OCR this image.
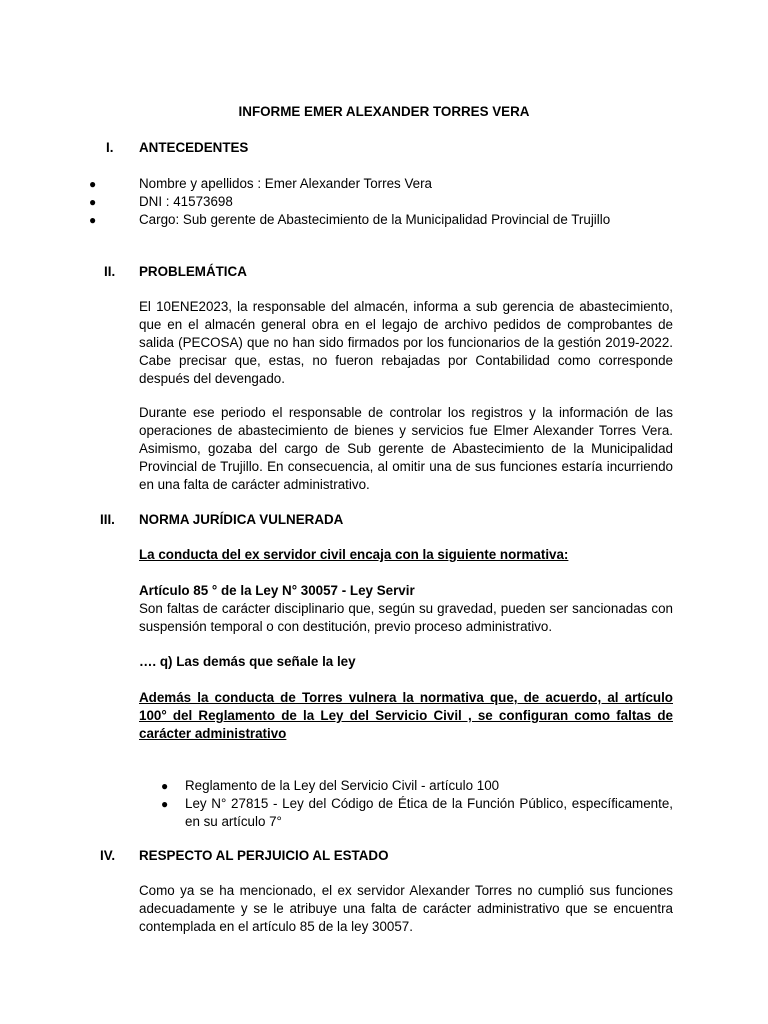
INFORME EMER ALEXANDER TORRES VERA
I.	ANTECEDENTES
●	Nombre y apellidos : Emer Alexander Torres Vera
●	DNI : 41573698
●	Cargo: Sub gerente de Abastecimiento de la Municipalidad Provincial de Trujillo
II.	PROBLEMÁTICA
El 10ENE2023, la responsable del almacén, informa a sub gerencia de abastecimiento, que en el almacén general obra en el legajo de archivo pedidos de comprobantes de salida (PECOSA) que no han sido firmados por los funcionarios de la gestión 2019-2022. Cabe precisar que, estas, no fueron rebajadas por Contabilidad como corresponde después del devengado.
Durante ese periodo el responsable de controlar los registros y la información de las operaciones de abastecimiento de bienes y servicios fue Elmer Alexander Torres Vera. Asimismo, gozaba del cargo de Sub gerente de Abastecimiento de la Municipalidad Provincial de Trujillo. En consecuencia, al omitir una de sus funciones estaría incurriendo en una falta de carácter administrativo.
III.	NORMA JURÍDICA VULNERADA
La conducta del ex servidor civil encaja con la siguiente normativa:
Artículo 85 ° de la Ley N° 30057 - Ley Servir
Son faltas de carácter disciplinario que, según su gravedad, pueden ser sancionadas con suspensión temporal o con destitución, previo proceso administrativo.
…. q) Las demás que señale la ley
Además la conducta de Torres vulnera la normativa que, de acuerdo, al artículo 100° del Reglamento de la Ley del Servicio Civil , se configuran como faltas de carácter administrativo
● Reglamento de la Ley del Servicio Civil - artículo 100
● Ley N° 27815 - Ley del Código de Ética de la Función Público, específicamente, en su artículo 7°
IV.	RESPECTO AL PERJUICIO AL ESTADO
Como ya se ha mencionado, el ex servidor Alexander Torres no cumplió sus funciones adecuadamente y se le atribuye una falta de carácter administrativo que se encuentra contemplada en el artículo 85 de la ley 30057.
